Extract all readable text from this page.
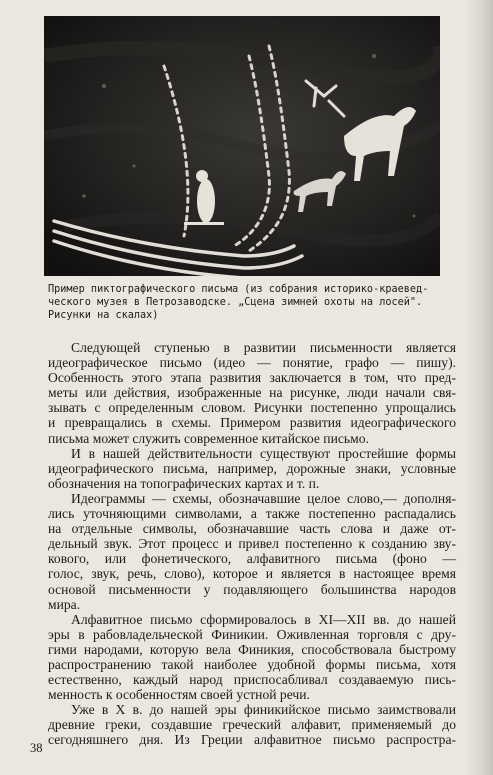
Пример пиктографического письма (из собрания историко-краевед-
ческого музея в Петрозаводске. „Сцена зимней охоты на лосей".
Рисунки на скалах)

Следующей ступенью в развитии письменности является
идеографическое письмо (идео — понятие, графо — пишу).
Особенность этого этапа развития заключается в том, что пред-
меты или действия, изображенные на рисунке, люди начали свя-
зывать с определенным словом. Рисунки постепенно упрощались
и превращались в схемы. Примером развития идеографического
письма может служить современное китайское письмо.
И в нашей действительности существуют простейшие формы
идеографического письма, например, дорожные знаки, условные
обозначения на топографических картах и т. п.
Идеограммы — схемы, обозначавшие целое слово,— дополня-
лись уточняющими символами, а также постепенно распадались
на отдельные символы, обозначавшие часть слова и даже от-
дельный звук. Этот процесс и привел постепенно к созданию зву-
кового, или фонетического, алфавитного письма (фоно —
голос, звук, речь, слово), которое и является в настоящее время
основой письменности у подавляющего большинства народов
мира.
Алфавитное письмо сформировалось в XI—XII вв. до нашей
эры в рабовладельческой Финикии. Оживленная торговля с дру-
гими народами, которую вела Финикия, способствовала быстрому
распространению такой наиболее удобной формы письма, хотя
естественно, каждый народ приспосабливал создаваемую пись-
менность к особенностям своей устной речи.
Уже в X в. до нашей эры финикийское письмо заимствовали
древние греки, создавшие греческий алфавит, применяемый до
сегодняшнего дня. Из Греции алфавитное письмо распростра-
38
